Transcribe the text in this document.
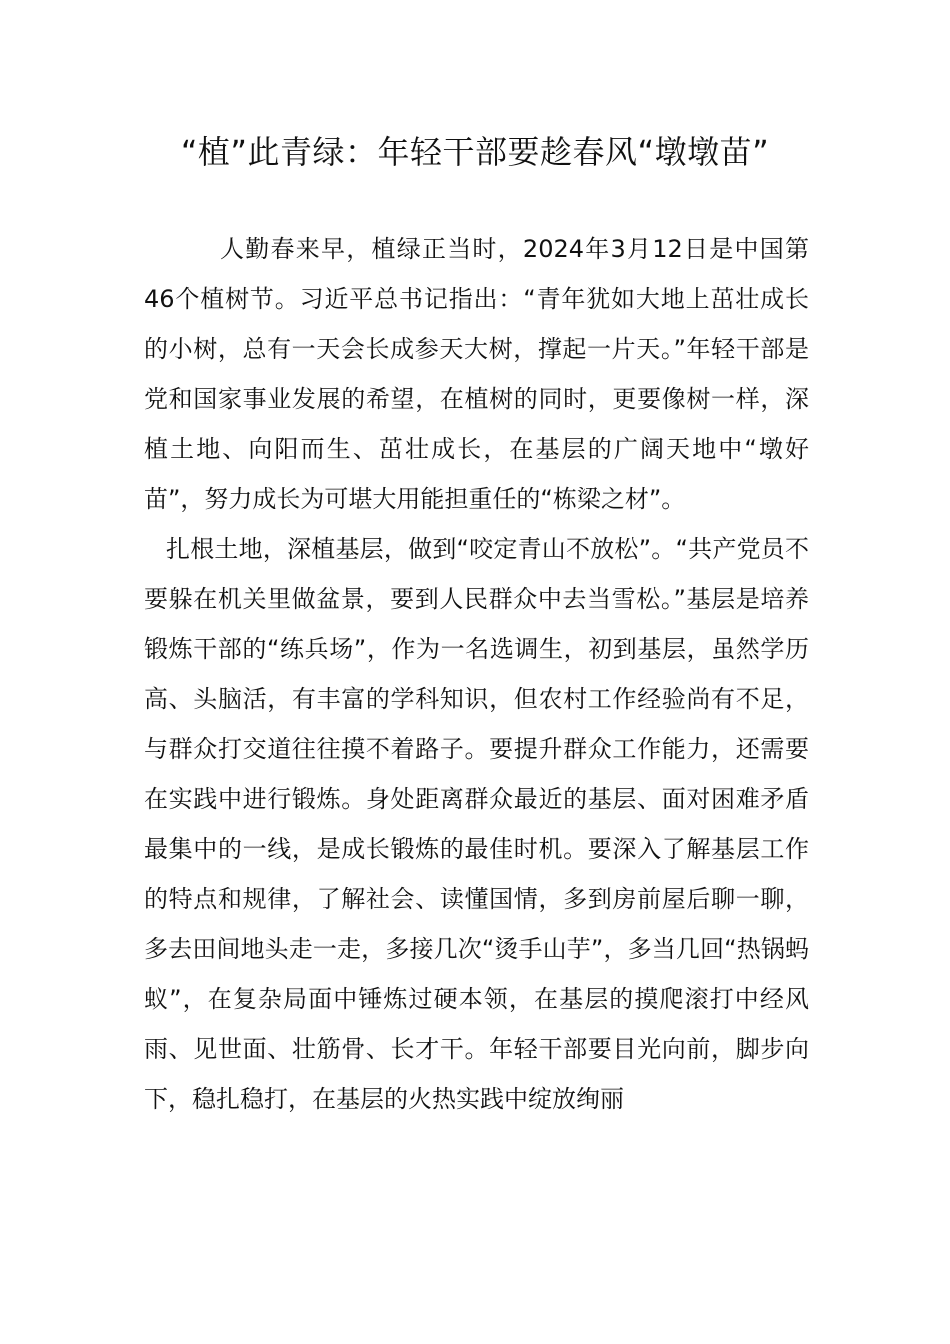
“植”此青绿：年轻干部要趁春风“墩墩苗”

人勤春来早，植绿正当时，2024年3月12日是中国第46个植树节。习近平总书记指出：“青年犹如大地上茁壮成长的小树，总有一天会长成参天大树，撑起一片天。”年轻干部是党和国家事业发展的希望，在植树的同时，更要像树一样，深植土地、向阳而生、茁壮成长，在基层的广阔天地中“墩好苗”，努力成长为可堪大用能担重任的“栋梁之材”。

扎根土地，深植基层，做到“咬定青山不放松”。“共产党员不要躲在机关里做盆景，要到人民群众中去当雪松。”基层是培养锻炼干部的“练兵场”，作为一名选调生，初到基层，虽然学历高、头脑活，有丰富的学科知识，但农村工作经验尚有不足，与群众打交道往往摸不着路子。要提升群众工作能力，还需要在实践中进行锻炼。身处距离群众最近的基层、面对困难矛盾最集中的一线，是成长锻炼的最佳时机。要深入了解基层工作的特点和规律，了解社会、读懂国情，多到房前屋后聊一聊，多去田间地头走一走，多接几次“烫手山芋”，多当几回“热锅蚂蚁”，在复杂局面中锤炼过硬本领，在基层的摸爬滚打中经风雨、见世面、壮筋骨、长才干。年轻干部要目光向前，脚步向下，稳扎稳打，在基层的火热实践中绽放绚丽
